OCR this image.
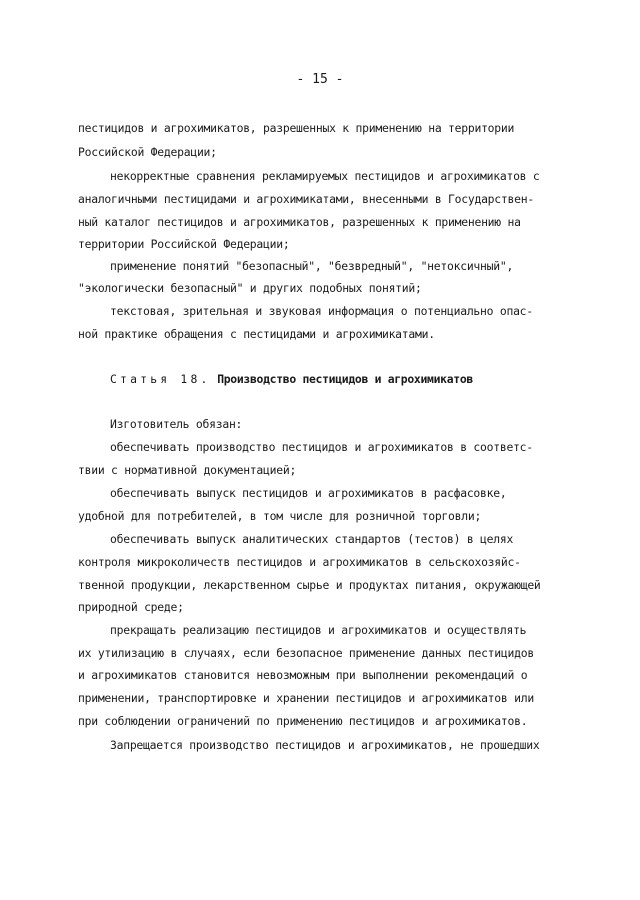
- 15 -
пестицидов и агрохимикатов, разрешенных к применению на территории
Российской Федерации;
некорректные сравнения рекламируемых пестицидов и агрохимикатов с
аналогичными пестицидами и агрохимикатами, внесенными в Государствен-
ный каталог пестицидов и агрохимикатов, разрешенных к применению на
территории Российской Федерации;
применение понятий "безопасный", "безвредный", "нетоксичный",
"экологически безопасный" и других подобных понятий;
текстовая, зрительная и звуковая информация о потенциально опас-
ной практике обращения с пестицидами и агрохимикатами.
Статья 18. Производство пестицидов и агрохимикатов
Изготовитель обязан:
обеспечивать производство пестицидов и агрохимикатов в соответс-
твии с нормативной документацией;
обеспечивать выпуск пестицидов и агрохимикатов в расфасовке,
удобной для потребителей, в том числе для розничной торговли;
обеспечивать выпуск аналитических стандартов (тестов) в целях
контроля микроколичеств пестицидов и агрохимикатов в сельскохозяйс-
твенной продукции, лекарственном сырье и продуктах питания, окружающей
природной среде;
прекращать реализацию пестицидов и агрохимикатов и осуществлять
их утилизацию в случаях, если безопасное применение данных пестицидов
и агрохимикатов становится невозможным при выполнении рекомендаций о
применении, транспортировке и хранении пестицидов и агрохимикатов или
при соблюдении ограничений по применению пестицидов и агрохимикатов.
Запрещается производство пестицидов и агрохимикатов, не прошедших
